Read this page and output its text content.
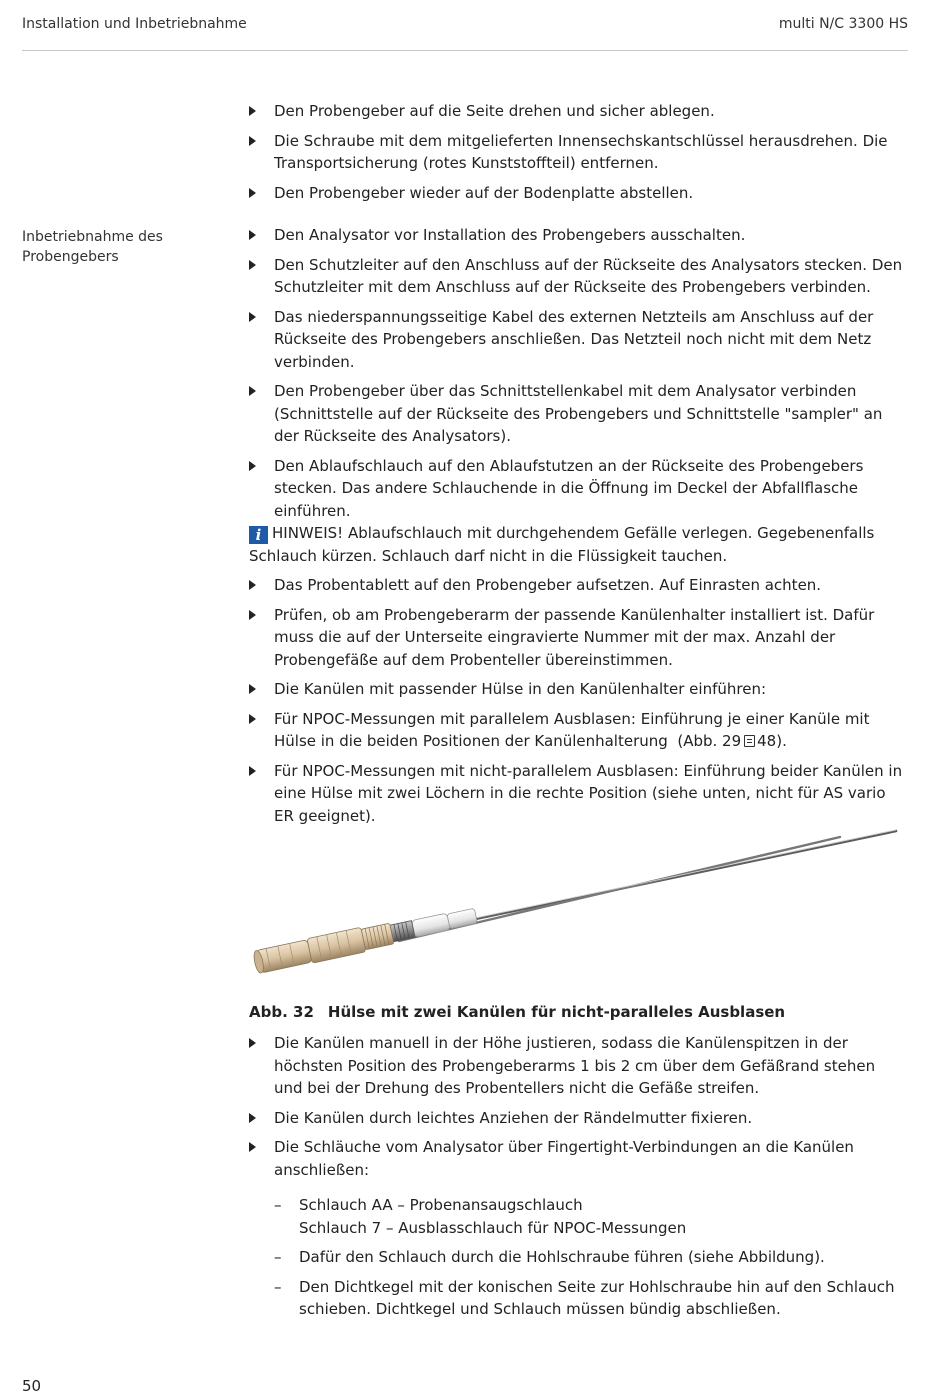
Installation und Inbetriebnahme	multi N/C 3300 HS
Den Probengeber auf die Seite drehen und sicher ablegen.
Die Schraube mit dem mitgelieferten Innensechskantschlüssel herausdrehen. Die Transportsicherung (rotes Kunststoffteil) entfernen.
Den Probengeber wieder auf der Bodenplatte abstellen.
Inbetriebnahme des Probengebers
Den Analysator vor Installation des Probengebers ausschalten.
Den Schutzleiter auf den Anschluss auf der Rückseite des Analysators stecken. Den Schutzleiter mit dem Anschluss auf der Rückseite des Probengebers verbinden.
Das niederspannungsseitige Kabel des externen Netzteils am Anschluss auf der Rückseite des Probengebers anschließen. Das Netzteil noch nicht mit dem Netz verbinden.
Den Probengeber über das Schnittstellenkabel mit dem Analysator verbinden (Schnittstelle auf der Rückseite des Probengebers und Schnittstelle "sampler" an der Rückseite des Analysators).
Den Ablaufschlauch auf den Ablaufstutzen an der Rückseite des Probengebers stecken. Das andere Schlauchende in die Öffnung im Deckel der Abfallflasche einführen.
i HINWEIS! Ablaufschlauch mit durchgehendem Gefälle verlegen. Gegebenenfalls Schlauch kürzen. Schlauch darf nicht in die Flüssigkeit tauchen.
Das Probentablett auf den Probengeber aufsetzen. Auf Einrasten achten.
Prüfen, ob am Probengeberarm der passende Kanülenhalter installiert ist. Dafür muss die auf der Unterseite eingravierte Nummer mit der max. Anzahl der Probengefäße auf dem Probenteller übereinstimmen.
Die Kanülen mit passender Hülse in den Kanülenhalter einführen:
Für NPOC-Messungen mit parallelem Ausblasen: Einführung je einer Kanüle mit Hülse in die beiden Positionen der Kanülenhalterung (Abb. 29 48).
Für NPOC-Messungen mit nicht-parallelem Ausblasen: Einführung beider Kanülen in eine Hülse mit zwei Löchern in die rechte Position (siehe unten, nicht für AS vario ER geeignet).
Abb. 32 Hülse mit zwei Kanülen für nicht-paralleles Ausblasen
Die Kanülen manuell in der Höhe justieren, sodass die Kanülenspitzen in der höchsten Position des Probengeberarms 1 bis 2 cm über dem Gefäßrand stehen und bei der Drehung des Probentellers nicht die Gefäße streifen.
Die Kanülen durch leichtes Anziehen der Rändelmutter fixieren.
Die Schläuche vom Analysator über Fingertight-Verbindungen an die Kanülen anschließen:
– Schlauch AA – Probenansaugschlauch
Schlauch 7 – Ausblasschlauch für NPOC-Messungen
– Dafür den Schlauch durch die Hohlschraube führen (siehe Abbildung).
– Den Dichtkegel mit der konischen Seite zur Hohlschraube hin auf den Schlauch schieben. Dichtkegel und Schlauch müssen bündig abschließen.
50
